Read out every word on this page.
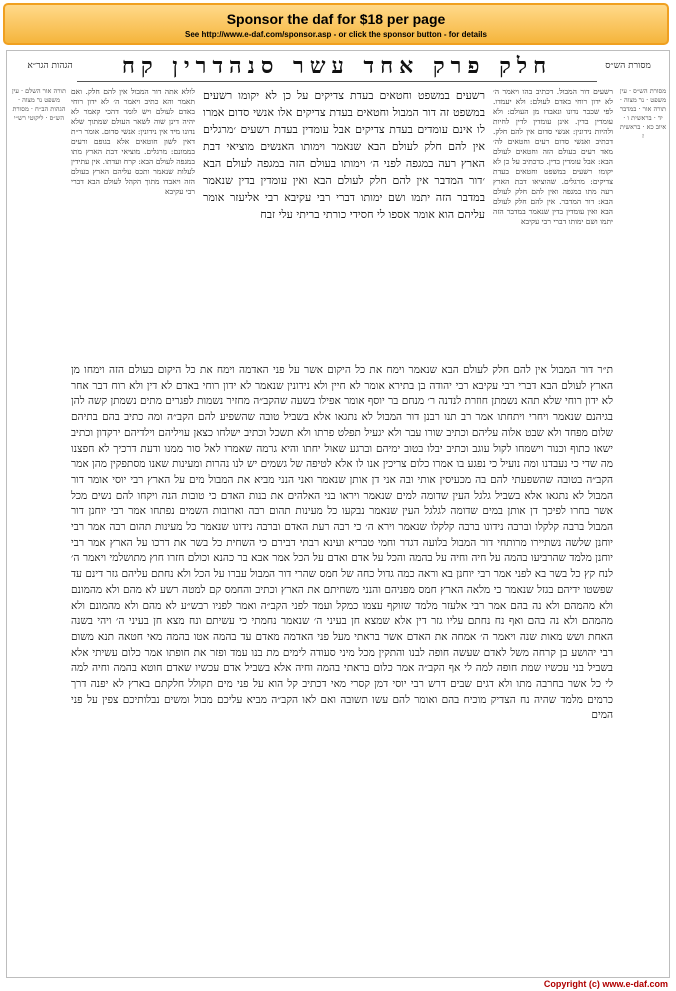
Sponsor the daf for $18 per page
See http://www.e-daf.com/sponsor.asp - or click the sponsor button - for details
הגהות הגר״א	חלק פרק אחד עשר סנהדרין קח	מסורת הש״ס
תורה אור השלם · עין משפט נר מצוה · הגהות הב״ח · מסורת הש״ס · ליקוטי רש״י
לולא אתה דור המבול אין להם חלק. ואם תאמר והא כתיב ויאמר ה׳ לא ידון רוחי באדם לעולם ויש לומר דהכי קאמר לא יהיה דינן שוה לשאר העולם שמתוך שלא נדונו מיד אין נידונין: אנשי סדום. אומר ר״ת דאין לשון חוטאים אלא בגופם ורעים בממונם: מרגלים. מוציאי דבת הארץ מתו במגפה לעולם הבא: קרח ועדתו. אין עתידין לעלות שנאמר ותכס עליהם הארץ בעולם הזה ויאבדו מתוך הקהל לעולם הבא דברי רבי עקיבא
רשעים במשפט וחטאים בעדת צדיקים על כן לא יקומו רשעים במשפט זה דור המבול וחטאים בעדת צדיקים אלו אנשי סדום אמרו לו אינם עומדים בעדת צדיקים אבל עומדין בעדת רשעים ׳מרגלים אין להם חלק לעולם הבא שנאמר וימותו האנשים מוציאי דבת הארץ רעה במגפה לפני ה׳ וימותו בעולם הזה במגפה לעולם הבא ׳דור המדבר אין להם חלק לעולם הבא ואין עומדין בדין שנאמר במדבר הזה יתמו ושם ימותו דברי רבי עקיבא רבי אליעזר אומר עליהם הוא אומר אספו לי חסידי כורתי בריתי עלי זבח
רשעים דור המבול. דכתיב בהו ויאמר ה׳ לא ידון רוחי באדם לעולם: ולא יעמדו. לפי שכבר נדונו ונאבדו מן העולם: ולא עומדין בדין. אינן עומדין לדין לחיות ולהיות נידונין: אנשי סדום אין להם חלק. דכתיב ואנשי סדום רעים וחטאים לה׳ מאד רעים בעולם הזה וחטאים לעולם הבא: אבל עומדין בדין. כדכתיב על כן לא יקומו רשעים במשפט וחטאים בעדת צדיקים: מרגלים. שהוציאו דבת הארץ רעה מתו במגפה ואין להם חלק לעולם הבא: דור המדבר. אין להם חלק לעולם הבא ואין עומדין בדין שנאמר במדבר הזה יתמו ושם ימותו דברי רבי עקיבא
מסורת הש״ס · עין משפט · נר מצוה · תורה אור · במדבר יד · בראשית ו · איוב כא · בראשית ז
ת״ר דור המבול אין להם חלק לעולם הבא שנאמר וימח את כל היקום אשר על פני האדמה וימח את כל היקום בעולם הזה וימחו מן הארץ לעולם הבא דברי רבי עקיבא רבי יהודה בן בתירא אומר לא חיין ולא נידונין שנאמר לא ידון רוחי באדם לא דין ולא רוח דבר אחר לא ידון רוחי שלא תהא נשמתן חוזרת לנדנה ר׳ מנחם בר יוסף אומר אפילו בשעה שהקב״ה מחזיר נשמות לפגרים מתים נשמתן קשה להן בגיהנם שנאמר ויחרי ויתחתו אמר רב תנו רבנן דור המבול לא נתגאו אלא בשביל טובה שהשפיע להם הקב״ה ומה כתיב בהם בתיהם שלום מפחד ולא שבט אלוה עליהם וכתיב שורו עבר ולא יגעיל תפלט פרתו ולא תשכל וכתיב ישלחו כצאן עויליהם וילדיהם ירקדון וכתיב ישאו כתוף וכנור וישמחו לקול עוגב וכתיב יבלו בטוב ימיהם וברגע שאול יחתו והיא גרמה שאמרו לאל סור ממנו ודעת דרכיך לא חפצנו מה שדי כי נעבדנו ומה נועיל כי נפגע בו אמרו כלום צריכין אנו לו אלא לטיפה של גשמים יש לנו נהרות ומעינות שאנו מסתפקין מהן אמר הקב״ה בטובה שהשפעתי להם בה מכעיסין אותי ובה אני דן אותן שנאמר ואני הנני מביא את המבול מים על הארץ רבי יוסי אומר דור המבול לא נתגאו אלא בשביל גלגל העין שדומה למים שנאמר ויראו בני האלהים את בנות האדם כי טובות הנה ויקחו להם נשים מכל אשר בחרו לפיכך דן אותן במים שדומה לגלגל העין שנאמר נבקעו כל מעינות תהום רבה וארובות השמים נפתחו אמר רבי יוחנן דור המבול ברבה קלקלו וברבה נידונו ברבה קלקלו שנאמר וירא ה׳ כי רבה רעת האדם וברבה נידונו שנאמר כל מעינות תהום רבה אמר רבי יוחנן שלשה נשתיירו מרותחי דור המבול בלועה דגדר וחמי טבריא ועינא רבתי דבירם כי השחית כל בשר את דרכו על הארץ אמר רבי יוחנן מלמד שהרביעו בהמה על חיה וחיה על בהמה והכל על אדם ואדם על הכל אמר אבא בר כהנא וכולם חזרו חוץ מתושלמי ויאמר ה׳ לנח קץ כל בשר בא לפני אמר רבי יוחנן בא וראה כמה גדול כחה של חמס שהרי דור המבול עברו על הכל ולא נחתם עליהם גזר דינם עד שפשטו ידיהם בגזל שנאמר כי מלאה הארץ חמס מפניהם והנני משחיתם את הארץ וכתיב והחמס קם למטה רשע לא מהם ולא מהמונם ולא מהמהם ולא נה בהם אמר רבי אלעזר מלמד שזוקף עצמו כמקל ועמד לפני הקב״ה ואמר לפניו רבש״ע לא מהם ולא מהמונם ולא מהמהם ולא נה בהם ואף נח נחתם עליו גזר דין אלא שמצא חן בעיני ה׳ שנאמר נחמתי כי עשיתם ונח מצא חן בעיני ה׳ ויהי בשנה האחת ושש מאות שנה ויאמר ה׳ אמחה את האדם אשר בראתי מעל פני האדמה מאדם עד בהמה אטו בהמה מאי חטאה תנא משום רבי יהושע בן קרחה משל לאדם שעשה חופה לבנו והתקין מכל מיני סעודה לימים מת בנו עמד ופזר את חופתו אמר כלום עשיתי אלא בשביל בני עכשיו שמת חופה למה לי אף הקב״ה אמר כלום בראתי בהמה וחיה אלא בשביל אדם עכשיו שאדם חוטא בהמה וחיה למה לי כל אשר בחרבה מתו ולא דגים שבים דרש רבי יוסי דמן קסרי מאי דכתיב קל הוא על פני מים תקולל חלקתם בארץ לא יפנה דרך כרמים מלמד שהיה נח הצדיק מוכיח בהם ואומר להם עשו תשובה ואם לאו הקב״ה מביא עליכם מבול ומשים נבלותיכם צפין על פני המים
Copyright (c) www.e-daf.com
